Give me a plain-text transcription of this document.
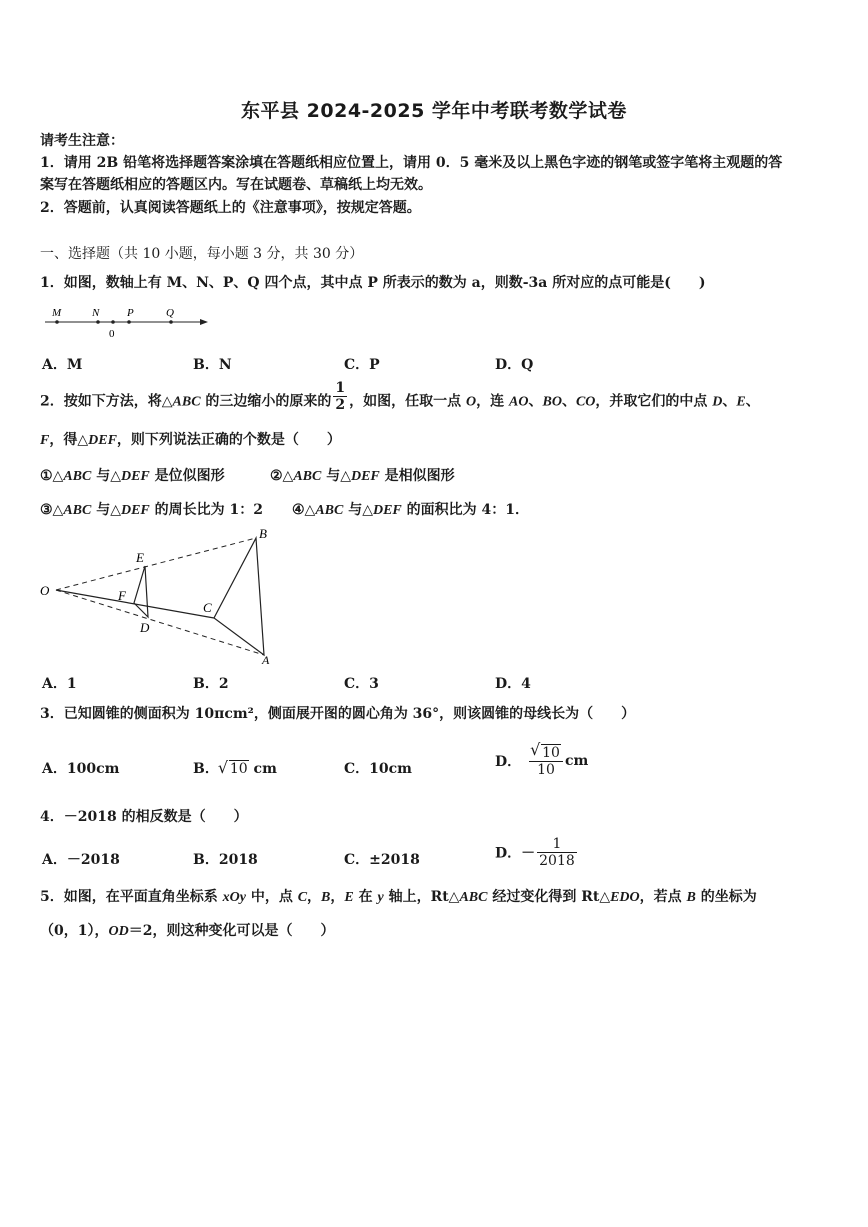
东平县 2024-2025 学年中考联考数学试卷
请考生注意：
1．请用 2B 铅笔将选择题答案涂填在答题纸相应位置上，请用 0．5 毫米及以上黑色字迹的钢笔或签字笔将主观题的答
案写在答题纸相应的答题区内。写在试题卷、草稿纸上均无效。
2．答题前，认真阅读答题纸上的《注意事项》，按规定答题。
一、选择题（共 10 小题，每小题 3 分，共 30 分）
1．如图，数轴上有 M、N、P、Q 四个点，其中点 P 所表示的数为 a，则数-3a 所对应的点可能是(　　)
M	N	P	Q
0
A．M	B．N	C．P	D．Q
2．按如下方法，将△ABC 的三边缩小的原来的 $\frac{1}{2}$ ，如图，任取一点 O，连 AO、BO、CO，并取它们的中点 D、E、
F，得△DEF，则下列说法正确的个数是（　　）
①△ABC 与△DEF 是位似图形	②△ABC 与△DEF 是相似图形
③△ABC 与△DEF 的周长比为 1：2 ④△ABC 与△DEF 的面积比为 4：1．
O
E
F
D
C
B
A
A．1	B．2	C．3	D．4
3．已知圆锥的侧面积为 10πcm²，侧面展开图的圆心角为 36°，则该圆锥的母线长为（　　）
A．100cm	B． √ 10 cm	C．10cm	D． √ $\frac{10}{10}$ cm
4．－2018 的相反数是（　　）
A．－2018	B．2018	C．±2018	D．－ $\frac{1}{2018}$
5．如图，在平面直角坐标系 xOy 中，点 C，B，E 在 y 轴上，Rt△ABC 经过变化得到 Rt△EDO，若点 B 的坐标为
（0，1），OD＝2，则这种变化可以是（　　）
